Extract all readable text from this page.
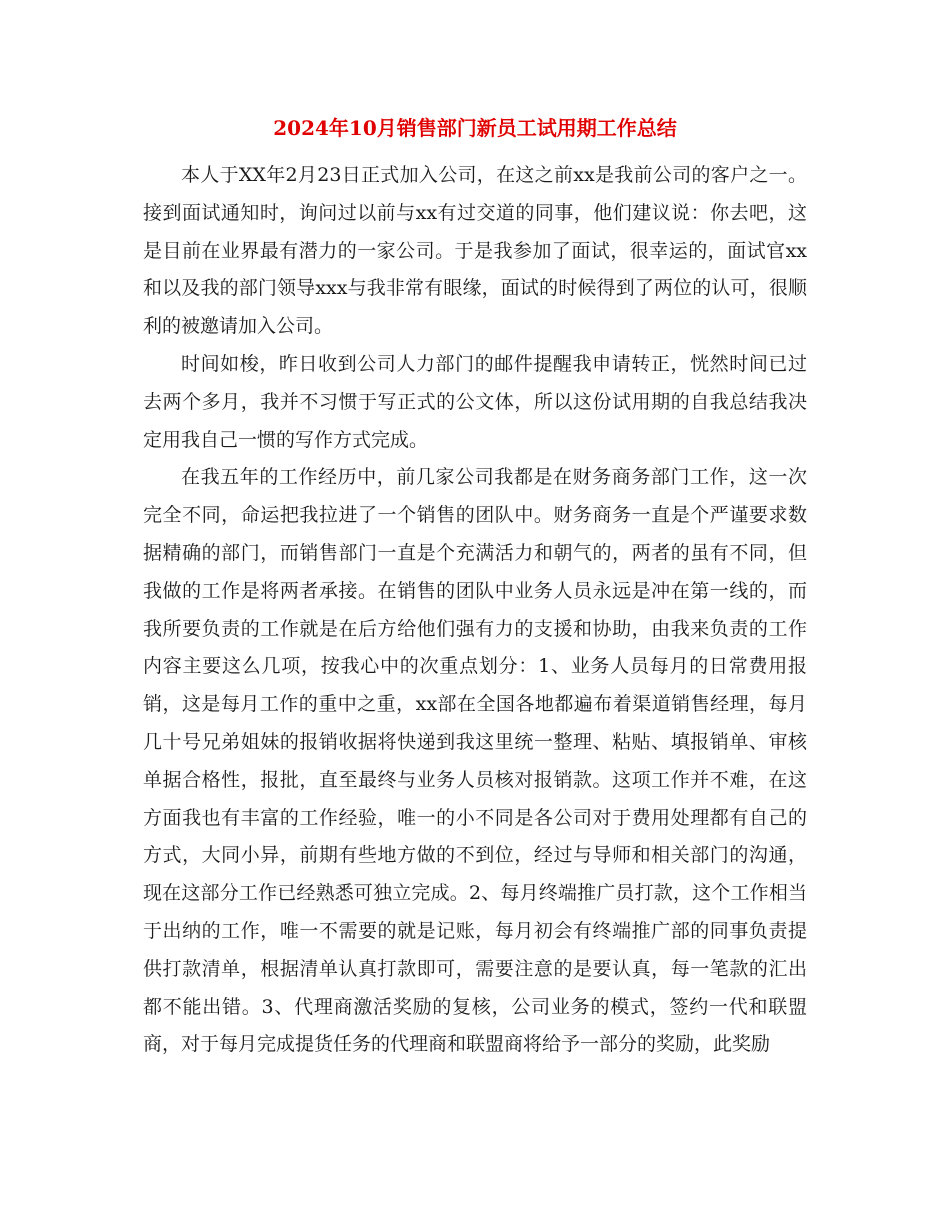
2024年10月销售部门新员工试用期工作总结

本人于XX年2月23日正式加入公司，在这之前xx是我前公司的客户之一。接到面试通知时，询问过以前与xx有过交道的同事，他们建议说：你去吧，这是目前在业界最有潜力的一家公司。于是我参加了面试，很幸运的，面试官xx和以及我的部门领导xxx与我非常有眼缘，面试的时候得到了两位的认可，很顺利的被邀请加入公司。

时间如梭，昨日收到公司人力部门的邮件提醒我申请转正，恍然时间已过去两个多月，我并不习惯于写正式的公文体，所以这份试用期的自我总结我决定用我自己一惯的写作方式完成。

在我五年的工作经历中，前几家公司我都是在财务商务部门工作，这一次完全不同，命运把我拉进了一个销售的团队中。财务商务一直是个严谨要求数据精确的部门，而销售部门一直是个充满活力和朝气的，两者的虽有不同，但我做的工作是将两者承接。在销售的团队中业务人员永远是冲在第一线的，而我所要负责的工作就是在后方给他们强有力的支援和协助，由我来负责的工作内容主要这么几项，按我心中的次重点划分：1、业务人员每月的日常费用报销，这是每月工作的重中之重，xx部在全国各地都遍布着渠道销售经理，每月几十号兄弟姐妹的报销收据将快递到我这里统一整理、粘贴、填报销单、审核单据合格性，报批，直至最终与业务人员核对报销款。这项工作并不难，在这方面我也有丰富的工作经验，唯一的小不同是各公司对于费用处理都有自己的方式，大同小异，前期有些地方做的不到位，经过与导师和相关部门的沟通，现在这部分工作已经熟悉可独立完成。2、每月终端推广员打款，这个工作相当于出纳的工作，唯一不需要的就是记账，每月初会有终端推广部的同事负责提供打款清单，根据清单认真打款即可，需要注意的是要认真，每一笔款的汇出都不能出错。3、代理商激活奖励的复核，公司业务的模式，签约一代和联盟商，对于每月完成提货任务的代理商和联盟商将给予一部分的奖励，此奖励
